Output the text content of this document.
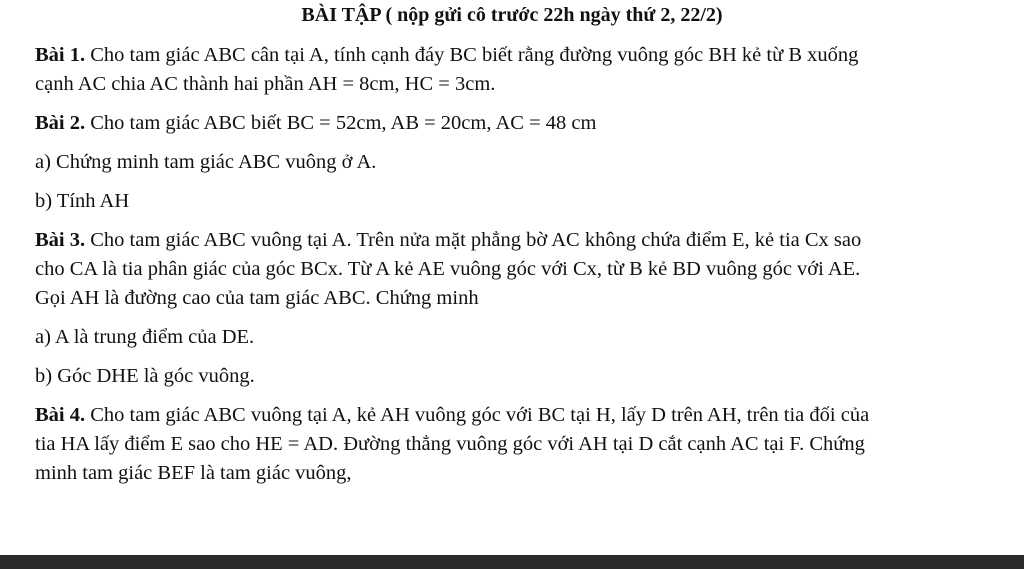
BÀI TẬP ( nộp gửi cô trước 22h ngày thứ 2, 22/2)
Bài 1. Cho tam giác ABC cân tại A, tính cạnh đáy BC biết rằng đường vuông góc BH kẻ từ B xuống
cạnh AC chia AC thành hai phần AH = 8cm, HC = 3cm.
Bài 2. Cho tam giác ABC biết BC = 52cm, AB = 20cm, AC = 48 cm
a) Chứng minh tam giác ABC vuông ở A.
b) Tính AH
Bài 3. Cho tam giác ABC vuông tại A. Trên nửa mặt phẳng bờ AC không chứa điểm E, kẻ tia Cx sao
cho CA là tia phân giác của góc BCx. Từ A kẻ AE vuông góc với Cx, từ B kẻ BD vuông góc với AE.
Gọi AH là đường cao của tam giác ABC. Chứng minh
a) A là trung điểm của DE.
b) Góc DHE là góc vuông.
Bài 4. Cho tam giác ABC vuông tại A, kẻ AH vuông góc với BC tại H, lấy D trên AH, trên tia đối của
tia HA lấy điểm E sao cho HE = AD. Đường thẳng vuông góc với AH tại D cắt cạnh AC tại F. Chứng
minh tam giác BEF là tam giác vuông,
